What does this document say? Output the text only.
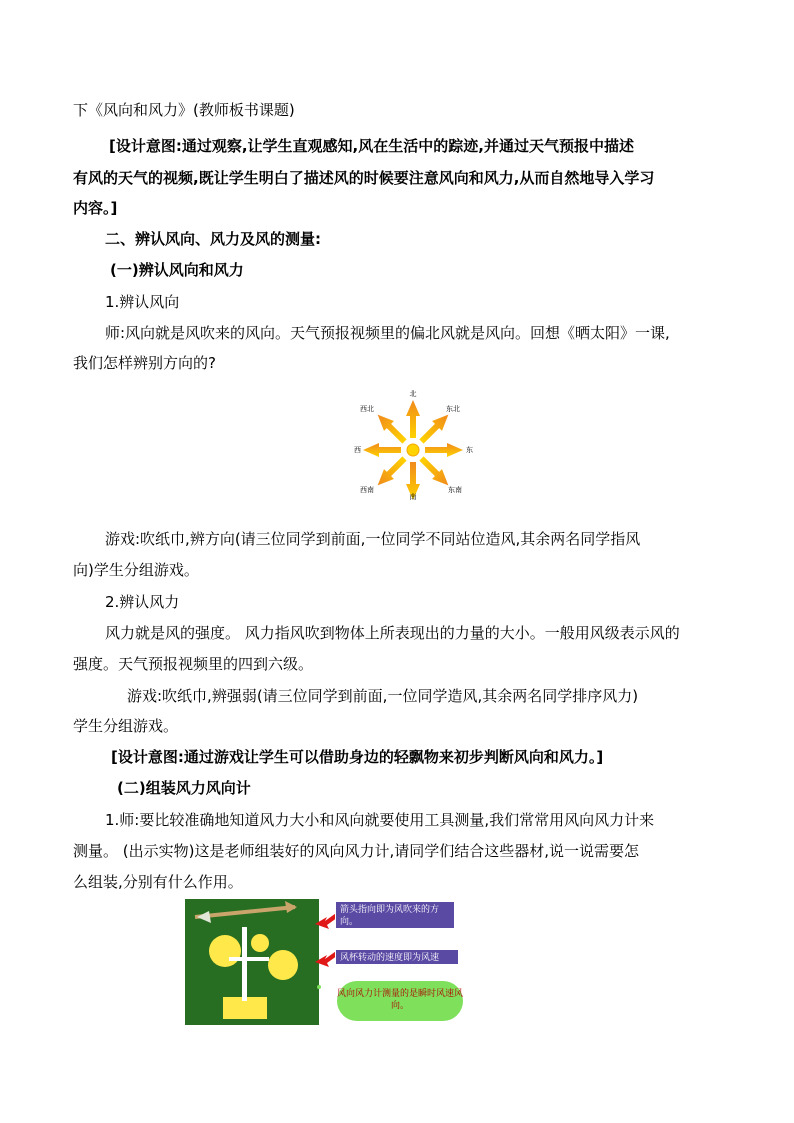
下《风向和风力》(教师板书课题)
[设计意图:通过观察,让学生直观感知,风在生活中的踪迹,并通过天气预报中描述
有风的天气的视频,既让学生明白了描述风的时候要注意风向和风力,从而自然地导入学习
内容。]
二、辨认风向、风力及风的测量:
(一)辨认风向和风力
1.辨认风向
师:风向就是风吹来的风向。天气预报视频里的偏北风就是风向。回想《晒太阳》一课,
我们怎样辨别方向的?
北
南
西	东
东北
西北
东南
西南
游戏:吹纸巾,辨方向(请三位同学到前面,一位同学不同站位造风,其余两名同学指风
向)学生分组游戏。
2.辨认风力
风力就是风的强度。 风力指风吹到物体上所表现出的力量的大小。一般用风级表示风的
强度。天气预报视频里的四到六级。
游戏:吹纸巾,辨强弱(请三位同学到前面,一位同学造风,其余两名同学排序风力)
学生分组游戏。
[设计意图:通过游戏让学生可以借助身边的轻飘物来初步判断风向和风力。]
(二)组装风力风向计
1.师:要比较准确地知道风力大小和风向就要使用工具测量,我们常常用风向风力计来
测量。 (出示实物)这是老师组装好的风向风力计,请同学们结合这些器材,说一说需要怎
么组装,分别有什么作用。
箭头指向即为风吹来的方向。
风杯转动的速度即为风速
风向风力计测量的是瞬时风速风向。
